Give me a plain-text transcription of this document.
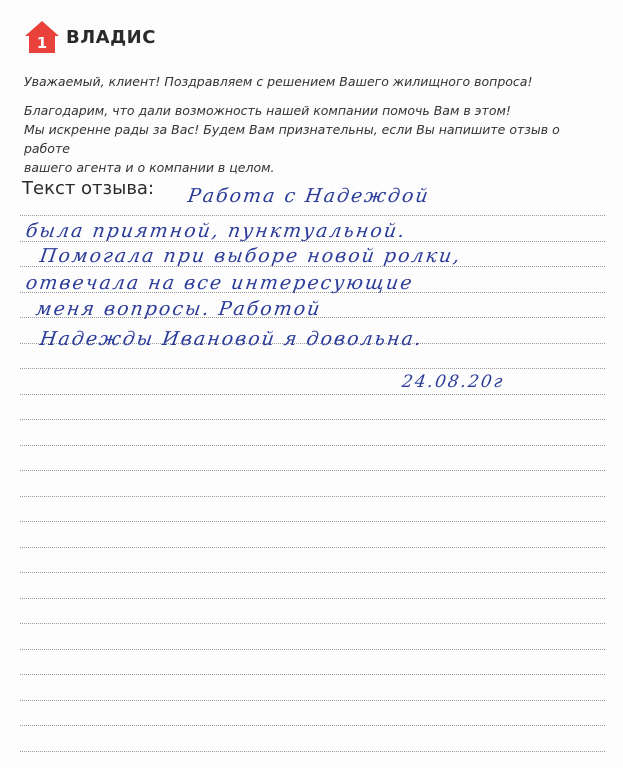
1 ВЛАДИС

Уважаемый, клиент! Поздравляем с решением Вашего жилищного вопроса!

Благодарим, что дали возможность нашей компании помочь Вам в этом!
Мы искренне рады за Вас! Будем Вам признательны, если Вы напишите отзыв о работе
вашего агента и о компании в целом.

Текст отзыва: Работа с Надеждой
была приятной, пунктуальной.
Помогала при выборе новой ролки,
отвечала на все интересующие
меня вопросы. Работой
Надежды Ивановой я довольна.
24.08.20г
